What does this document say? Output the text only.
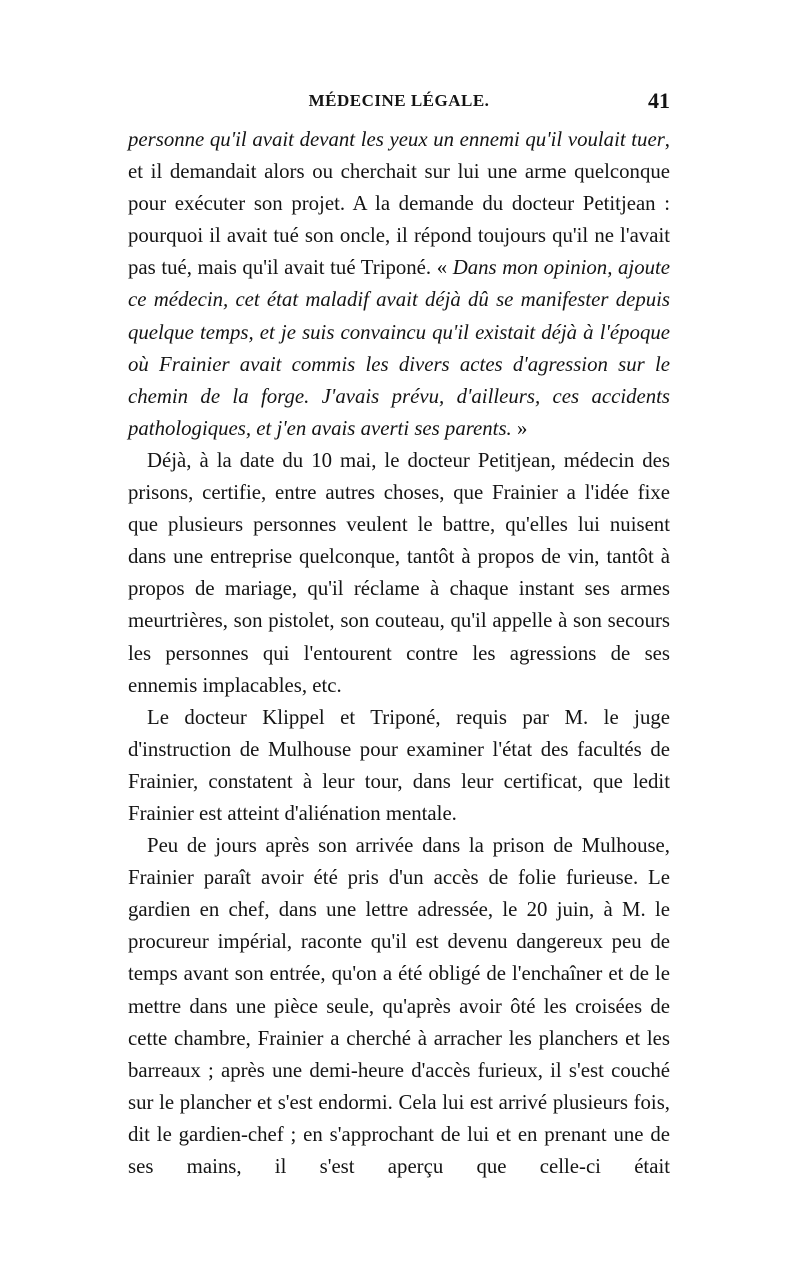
MÉDECINE LÉGALE.	41

personne qu'il avait devant les yeux un ennemi qu'il voulait tuer, et il demandait alors ou cherchait sur lui une arme quelconque pour exécuter son projet. A la demande du docteur Petitjean : pourquoi il avait tué son oncle, il répond toujours qu'il ne l'avait pas tué, mais qu'il avait tué Triponé. « Dans mon opinion, ajoute ce médecin, cet état maladif avait déjà dû se manifester depuis quelque temps, et je suis convaincu qu'il existait déjà à l'époque où Frainier avait commis les divers actes d'agression sur le chemin de la forge. J'avais prévu, d'ailleurs, ces accidents pathologiques, et j'en avais averti ses parents. »

Déjà, à la date du 10 mai, le docteur Petitjean, médecin des prisons, certifie, entre autres choses, que Frainier a l'idée fixe que plusieurs personnes veulent le battre, qu'elles lui nuisent dans une entreprise quelconque, tantôt à propos de vin, tantôt à propos de mariage, qu'il réclame à chaque instant ses armes meurtrières, son pistolet, son couteau, qu'il appelle à son secours les personnes qui l'entourent contre les agressions de ses ennemis implacables, etc.

Le docteur Klippel et Triponé, requis par M. le juge d'instruction de Mulhouse pour examiner l'état des facultés de Frainier, constatent à leur tour, dans leur certificat, que ledit Frainier est atteint d'aliénation mentale.

Peu de jours après son arrivée dans la prison de Mulhouse, Frainier paraît avoir été pris d'un accès de folie furieuse. Le gardien en chef, dans une lettre adressée, le 20 juin, à M. le procureur impérial, raconte qu'il est devenu dangereux peu de temps avant son entrée, qu'on a été obligé de l'enchaîner et de le mettre dans une pièce seule, qu'après avoir ôté les croisées de cette chambre, Frainier a cherché à arracher les planchers et les barreaux ; après une demi-heure d'accès furieux, il s'est couché sur le plancher et s'est endormi. Cela lui est arrivé plusieurs fois, dit le gardien-chef ; en s'approchant de lui et en prenant une de ses mains, il s'est aperçu que celle-ci était
